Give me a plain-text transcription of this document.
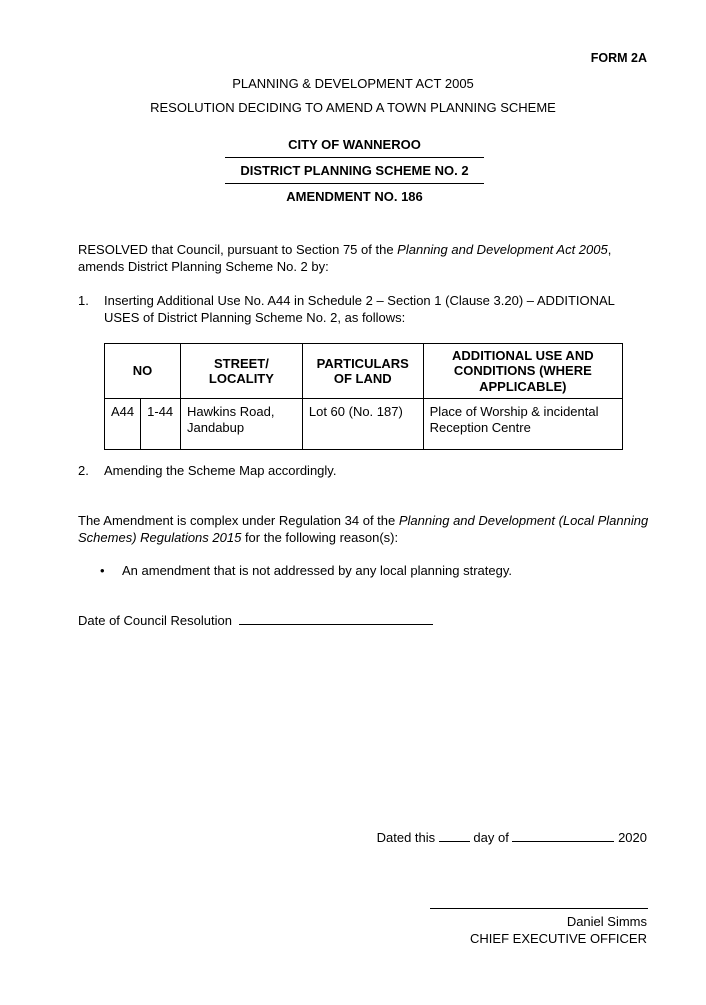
FORM 2A
PLANNING & DEVELOPMENT ACT 2005
RESOLUTION DECIDING TO AMEND A TOWN PLANNING SCHEME
CITY OF WANNEROO
DISTRICT PLANNING SCHEME NO. 2
AMENDMENT NO. 186
RESOLVED that Council, pursuant to Section 75 of the Planning and Development Act 2005, amends District Planning Scheme No. 2 by:
1. Inserting Additional Use No. A44 in Schedule 2 – Section 1 (Clause 3.20) – ADDITIONAL USES of District Planning Scheme No. 2, as follows:
NO		STREET/ LOCALITY	PARTICULARS OF LAND	ADDITIONAL USE AND CONDITIONS (WHERE APPLICABLE)
A44	1-44	Hawkins Road, Jandabup	Lot 60 (No. 187)	Place of Worship & incidental Reception Centre
2. Amending the Scheme Map accordingly.
The Amendment is complex under Regulation 34 of the Planning and Development (Local Planning Schemes) Regulations 2015 for the following reason(s):
• An amendment that is not addressed by any local planning strategy.
Date of Council Resolution
Dated this	day of	2020
Daniel Simms
CHIEF EXECUTIVE OFFICER
